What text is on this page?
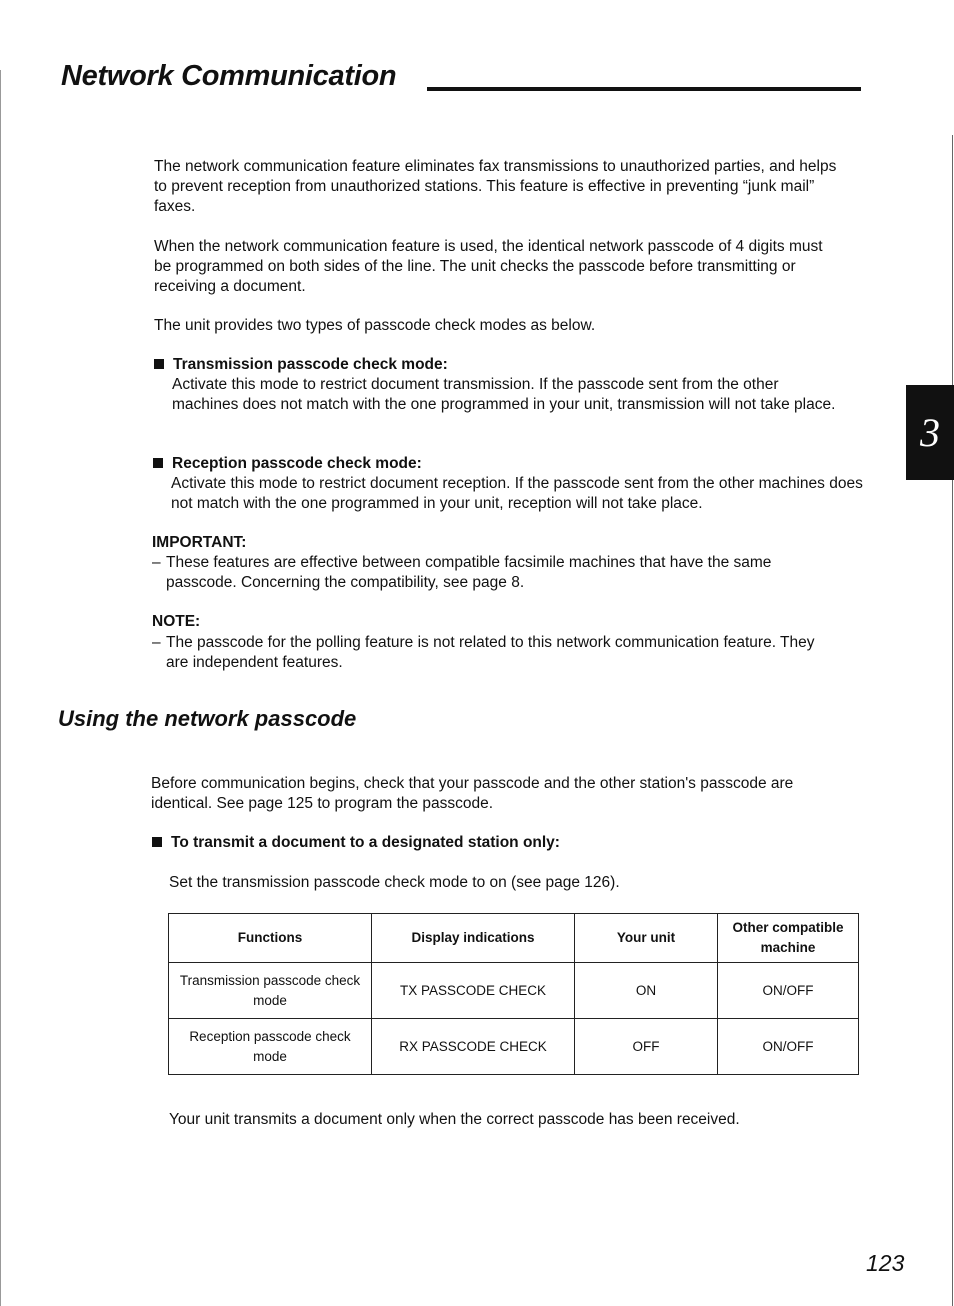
Network Communication
The network communication feature eliminates fax transmissions to unauthorized parties, and helps to prevent reception from unauthorized stations. This feature is effective in preventing “junk mail” faxes.
When the network communication feature is used, the identical network passcode of 4 digits must be programmed on both sides of the line. The unit checks the passcode before transmitting or receiving a document.
The unit provides two types of passcode check modes as below.
Transmission passcode check mode:
Activate this mode to restrict document transmission. If the passcode sent from the other machines does not match with the one programmed in your unit, transmission will not take place.
Reception passcode check mode:
Activate this mode to restrict document reception. If the passcode sent from the other machines does not match with the one programmed in your unit, reception will not take place.
IMPORTANT:
– These features are effective between compatible facsimile machines that have the same passcode. Concerning the compatibility, see page 8.
NOTE:
– The passcode for the polling feature is not related to this network communication feature. They are independent features.
Using the network passcode
Before communication begins, check that your passcode and the other station's passcode are identical. See page 125 to program the passcode.
To transmit a document to a designated station only:
Set the transmission passcode check mode to on (see page 126).
Functions	Display indications	Your unit	Other compatible machine
Transmission passcode check mode	TX PASSCODE CHECK	ON	ON/OFF
Reception passcode check mode	RX PASSCODE CHECK	OFF	ON/OFF
Your unit transmits a document only when the correct passcode has been received.
3
123
